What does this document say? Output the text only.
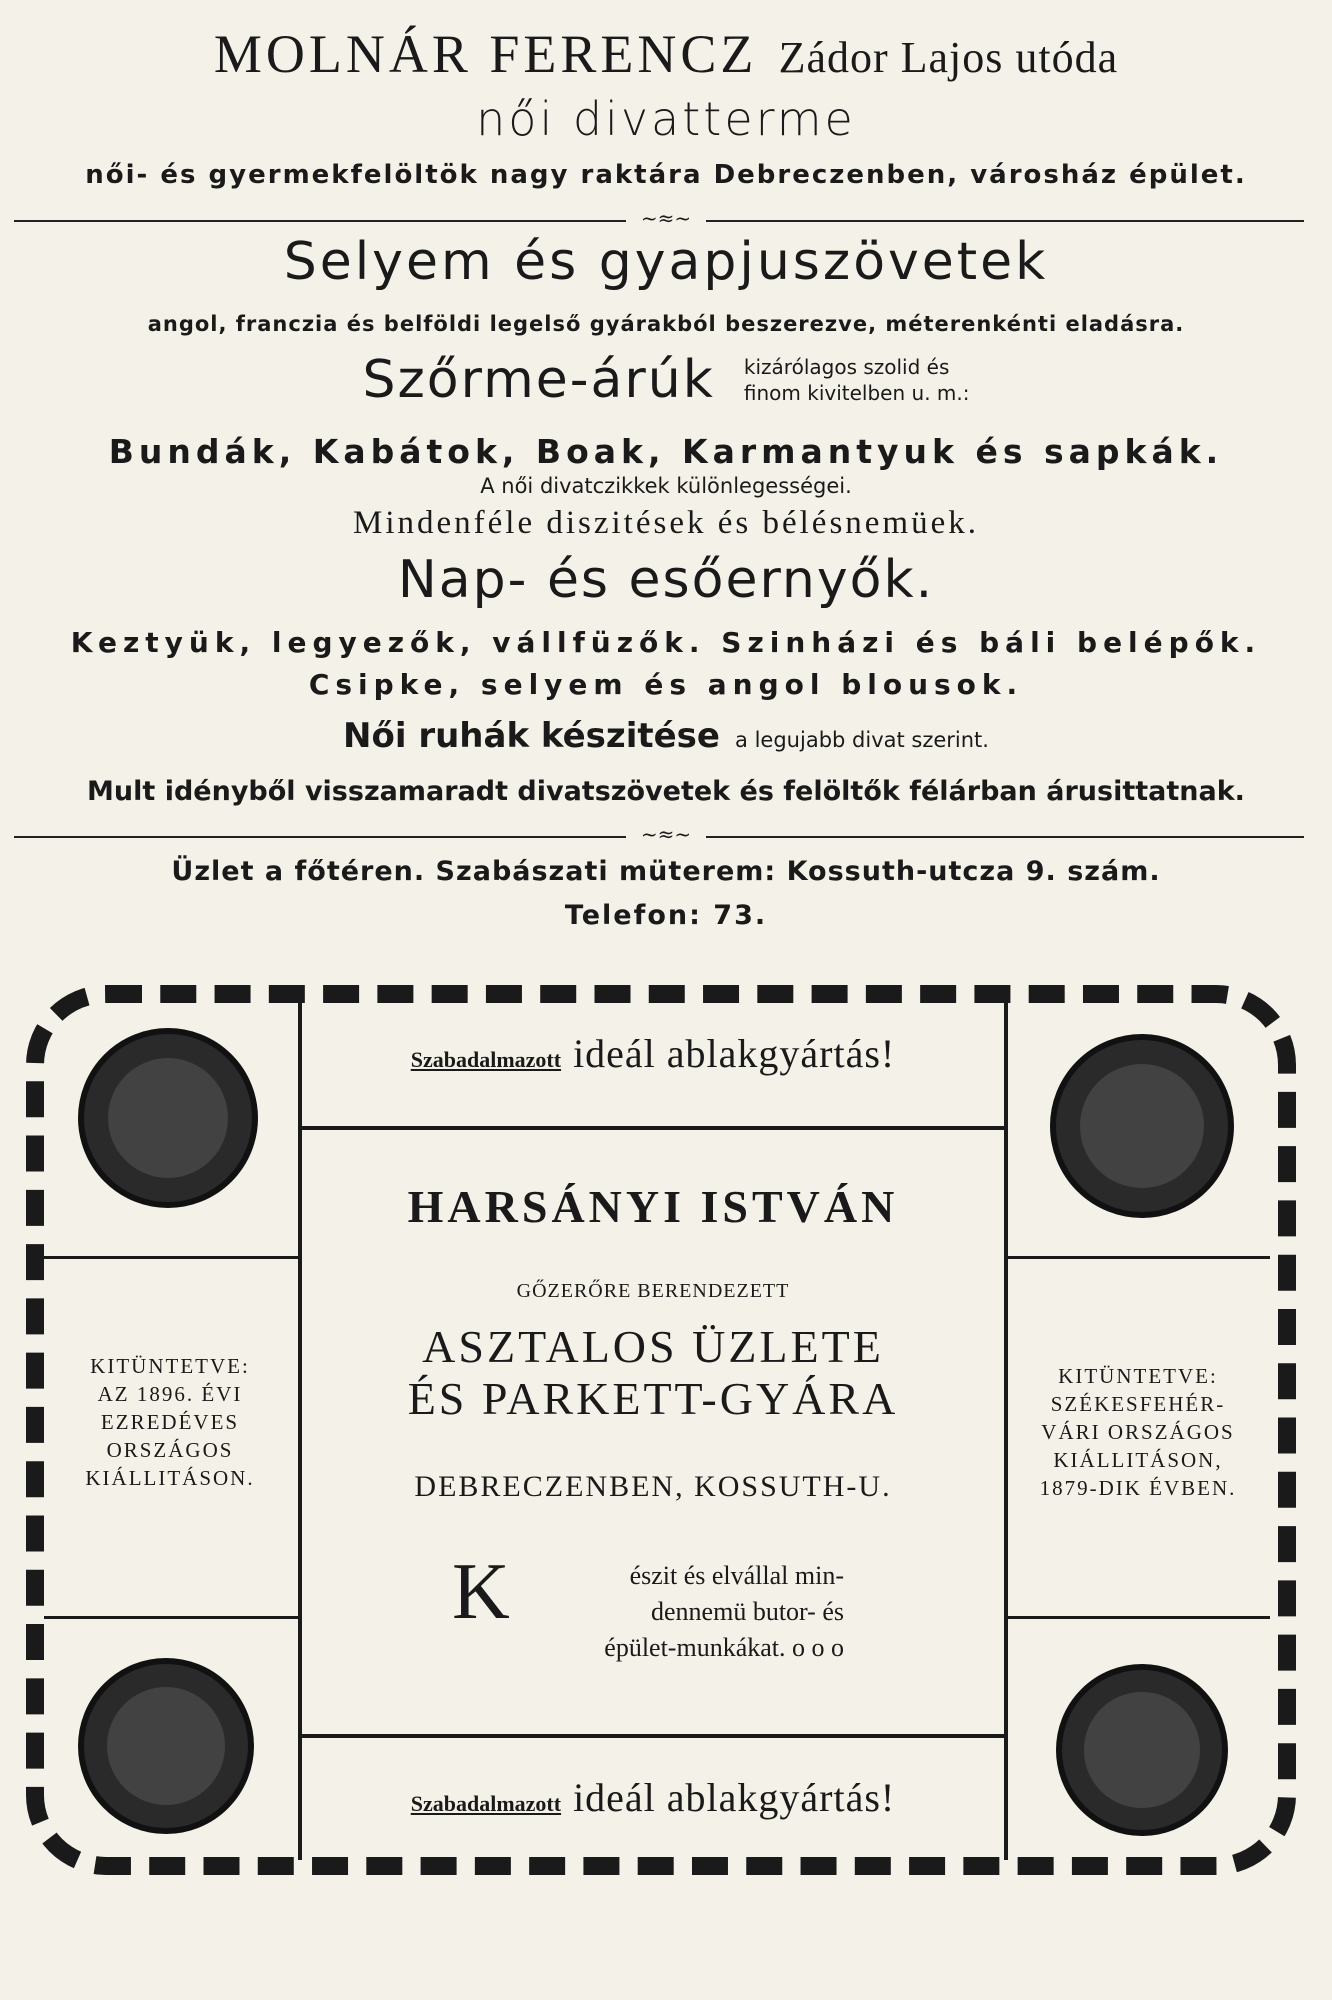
MOLNÁR FERENCZ Zádor Lajos utóda
női divatterme
női- és gyermekfelöltök nagy raktára Debreczenben, városház épület.
~≈~
Selyem és gyapjuszövetek
angol, franczia és belföldi legelső gyárakból beszerezve, méterenkénti eladásra.
Szőrme-árúk kizárólagos szolid és
finom kivitelben u. m.:
Bundák, Kabátok, Boak, Karmantyuk és sapkák.
A női divatczikkek különlegességei.
Mindenféle diszitések és bélésnemüek.
Nap- és esőernyők.
Keztyük, legyezők, vállfüzők. Szinházi és báli belépők.
Csipke, selyem és angol blousok.
Női ruhák készitése a legujabb divat szerint.
Mult idényből visszamaradt divatszövetek és felöltők félárban árusittatnak.
~≈~
Üzlet a főtéren. Szabászati müterem: Kossuth-utcza 9. szám.
Telefon: 73.
KITÜNTETVE:
AZ 1896. ÉVI
EZREDÉVES
ORSZÁGOS
KIÁLLITÁSON.
KITÜNTETVE:
SZÉKESFEHÉR-
VÁRI ORSZÁGOS
KIÁLLITÁSON,
1879-DIK ÉVBEN.
Szabadalmazott ideál ablakgyártás!
HARSÁNYI ISTVÁN
GŐZERŐRE BERENDEZETT
ASZTALOS ÜZLETE
ÉS PARKETT-GYÁRA
DEBRECZENBEN, KOSSUTH-U.
K	észit és elvállal min-
dennemü butor- és
épület-munkákat. o o o
Szabadalmazott ideál ablakgyártás!
